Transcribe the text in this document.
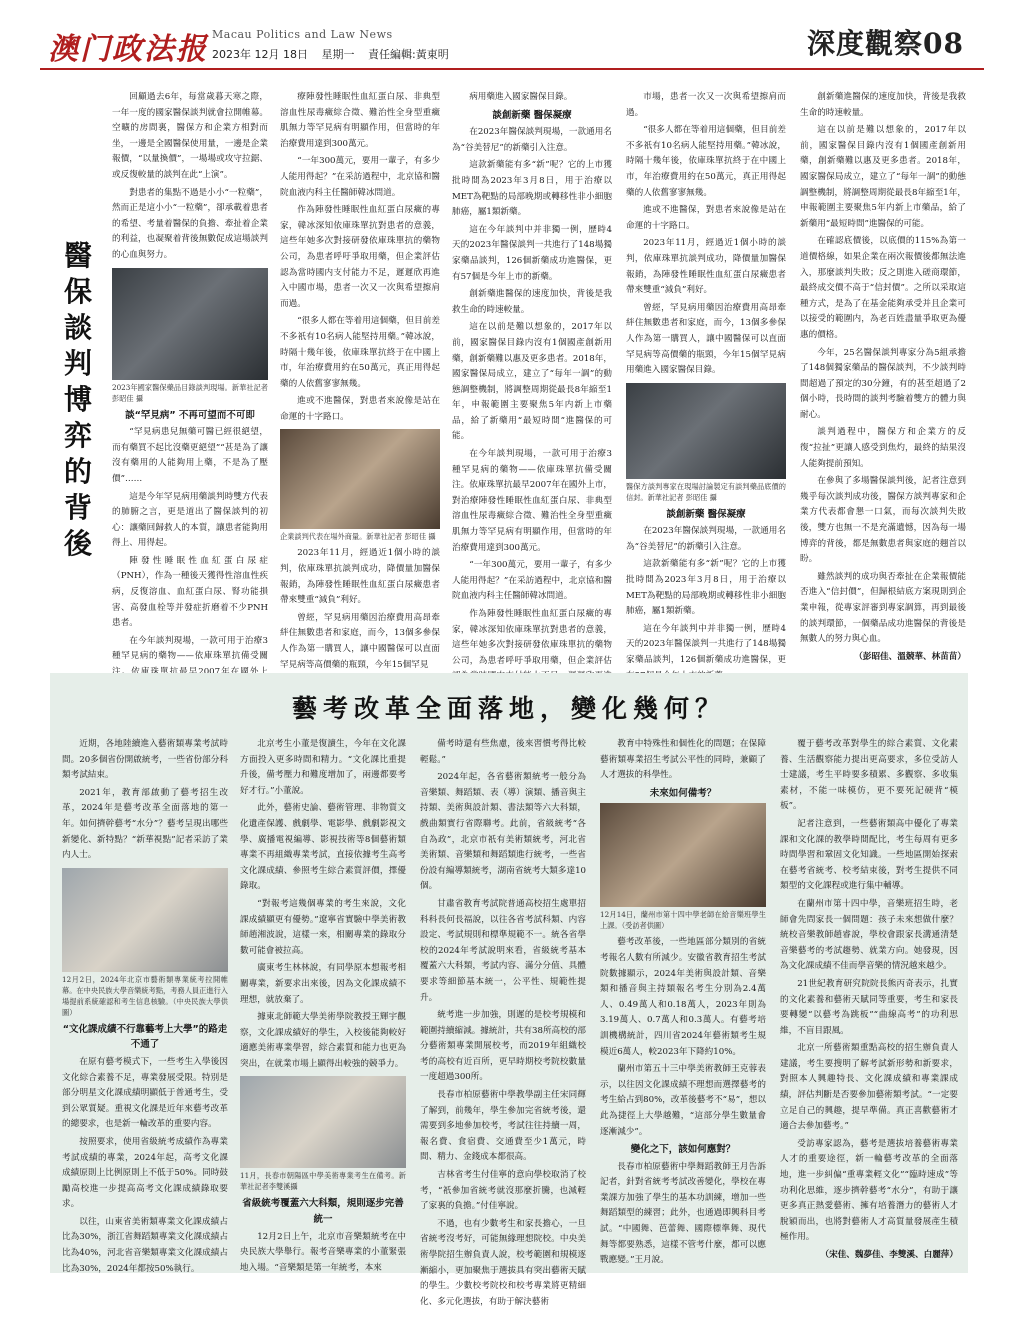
澳门政法报 Macau Politics and Law News
2023年 12月 18日 星期一 責任編輯:黃東明	深度觀察08
醫保談判博弈的背後

回顧過去6年，每當歲暮天寒之際，一年一度的國家醫保談判就會拉開帷幕。空曠的房間裏，醫保方和企業方相對而坐，一邊是全國醫保使用量，一邊是企業報價，“以量換價”，一場場或攻守拉鋸、或反復較量的談判在此“上演”。

對患者的集點不過是小小“一粒藥”，然而正是這小小“一粒藥”，卻承載着患者的希望、考量着醫保的負擔、牽扯着企業的利益，也凝聚着背後無數促成這場談判的心血與努力。

2023年國家醫保藥品目錄談判現場。新華社記者 彭昭佳 攝

談“罕見病” 不再可望而不可即

“罕見病患兒無藥可醫已經很絕望，而有藥買不起比沒藥更絕望”“甚是為了讓沒有藥用的人能夠用上藥，不是為了壓價”……

這是今年罕見病用藥談判時雙方代表的肺腑之言，更是道出了醫保談判的初心：讓藥回歸救人的本質，讓患者能夠用得上、用得起。

陣發性睡眠性血紅蛋白尿症（PNH），作為一種後天獲得性溶血性疾病，反復溶血、血紅蛋白尿、腎功能損害、高發血栓等并發症折磨着不少PNH患者。

在今年談判現場，一款可用于治療3種罕見病的藥物——依庫珠單抗備受關

療陣發性睡眠性血紅蛋白尿、非典型溶血性尿毒癥綜合徵、難治性全身型重癥肌無力等罕見病有明顯作用，但當時的年治療費用達到300萬元。

“一年300萬元，要用一輩子，有多少人能用得起？”在采訪過程中，北京協和醫院血液内科主任醫師韓冰問道。

作為陣發性睡眠性血紅蛋白尿癥的專家，韓冰深知依庫珠單抗對患者的意義，這些年她多次對接研發依庫珠單抗的藥物公司，為患者呼吁爭取用藥，但企業評估認為當時國内支付能力不足，遲遲欣再進入中國市場，患者一次又一次與希望擦肩而過。

“很多人都在等着用這個藥，但目前差不多祇有10名病人能堅持用藥。”韓冰說，時隔十幾年後，依庫珠單抗終于在中國上市，年治療費用約在50萬元，真正用得起藥的人依舊寥寥無幾。

進或不進醫保，對患者來說像是站在命運的十字路口。

企業談判代表在場外商量。新華社記者 彭昭佳 攝

2023年11月，經過近1個小時的談判，依庫珠單抗談判成功，降價量加醫保報銷，為陣發性睡眠性血紅蛋白尿癥患者帶來雙重“減負”利好。

曾經，罕見病用藥因治療費用高昂牽絆住無數患者和家庭，而今，13個多參保人作為第一購買人，讓中國醫保可以直面罕見病等高價藥的瓶頸，今年15個罕見

病用藥進入國家醫保目錄。

談創新藥 醫保凝療

在2023年醫保談判現場，一款通用名為“谷美替尼”的新藥引入注意。

這款新藥能有多“新”呢？它的上市獲批時間為2023年3月8日，用于治療以MET為靶點的局部晚期或轉移性非小細胞肺癌，屬1類新藥。

這在今年談判中并非獨一例，歷時4天的2023年醫保談判一共進行了148場獨家藥品談判，126個新藥成功進醫保，更有57個是今年上市的新藥。

創新藥進醫保的速度加快，背後是我救生命的時速較量。

這在以前是難以想象的，2017年以前，國家醫保目錄内沒有1個國產創新用藥，創新藥難以惠及更多患者。2018年，國家醫保局成立，建立了“每年一調”的動態調整機制，將調整周期從最長8年縮至1年，申報範圍主要聚焦5年内新上市藥品，給了新藥用“最短時間”進醫保的可能。

在今年談判現場，一款可用于治療3種罕見病的藥物——依庫珠單抗備受關注。依庫珠單抗最早2007年在國外上市，對治療陣發性睡眠性血紅蛋白尿、非典型溶血性尿毒癥綜合徵、難治性全身型重癥肌無力等罕見病有明顯作用，但當時的年治療費用達到300萬元。

“一年300萬元，要用一輩子，有多少人能用得起？”在采訪過程中，北京協和醫院血液内科主任醫師韓冰問道。

作為陣發性睡眠性血紅蛋白尿癥的專家，韓冰深知依庫珠單抗對患者的意義，這些年她多次對接研發依庫珠單抗的藥物公司，為患者呼吁爭取用藥，但企業評估

市場，患者一次又一次與希望擦肩而過。

“很多人都在等着用這個藥，但目前差不多祇有10名病人能堅持用藥。”韓冰說，時隔十幾年後，依庫珠單抗終于在中國上市，年治療費用約在50萬元，真正用得起藥的人依舊寥寥無幾。

進或不進醫保，對患者來說像是站在命運的十字路口。

2023年11月，經過近1個小時的談判，依庫珠單抗談判成功，降價量加醫保報銷，為陣發性睡眠性血紅蛋白尿癥患者帶來雙重“減負”利好。

曾經，罕見病用藥因治療費用高昂牽絆住無數患者和家庭，而今，13個多參保人作為第一購買人，讓中國醫保可以直面罕見病等高價藥的瓶頸，今年15個罕見病用藥進入國家醫保目錄。

醫保方談判專家在現場討論製定有談判藥品底價的信封。新華社記者 彭昭佳 攝

談創新藥 醫保凝療

在2023年醫保談判現場，一款通用名為“谷美替尼”的新藥引入注意。

這款新藥能有多“新”呢？它的上市獲批時間為2023年3月8日，用于治療以MET為靶點的局部晚期或轉移性非小細胞肺癌，屬1類新藥。

這在今年談判中并非獨一例，歷時4天的2023年醫保談判一共進行了148場獨家藥品談判，126個新藥成功進醫保，更

創新藥進醫保的速度加快，背後是我救生命的時速較量。

這在以前是難以想象的，2017年以前，國家醫保目錄内沒有1個國產創新用藥，創新藥難以惠及更多患者。2018年，國家醫保局成立，建立了“每年一調”的動態調整機制，將調整周期從最長8年縮至1年，申報範圍主要聚焦5年内新上市藥品，給了新藥用“最短時間”進醫保的可能。

在確認底價後，以底價的115%為第一道價格線，如果企業在兩次報價後都無法進入，那麼談判失敗；反之則進入磋商環節，最終成交價不高于“信封價”。之所以采取這種方式，是為了在基金能夠承受并且企業可以接受的範圍内，為老百姓盡量爭取更為優惠的價格。

今年，25名醫保談判專家分為5組承擔了148個獨家藥品的醫保談判，不少談判時間超過了預定的30分鐘，有的甚至超過了2個小時，長時間的談判考驗着雙方的體力與耐心。

談判過程中，醫保方和企業方的反復“拉扯”更讓人感受到焦灼，最終的結果沒人能夠提前預知。

在參與了多場醫保談判後，記者注意到幾乎每次談判成功後，醫保方談判專家和企業方代表都會懇一口氣，而每次談判失敗後，雙方也無一不是充滿遺憾，因為每一場博弈的背後，都是無數患者與家庭的翹首以盼。

雖然談判的成功與否牽扯在企業報價能否進入“信封價”，但歸根結底方案現則到企業申報，從專家評審到專家調算，再到最後的談判環節，一個藥品成功進醫保的背後是無數人的努力與心血。

（彭昭佳、溫競華、林苗苗）

藝考改革全面落地，變化幾何？

近期，各地陸續進入藝術類專業考試時間。20多個省份開啟統考，一些省份部分科類考試結束。

2021年，教育部啟動了藝考招生改革，2024年是藝考改革全面落地的第一年。如何擠幹藝考“水分”？藝考呈現出哪些新變化、新特點？“新華視點”記者采訪了業内人士。

12月2日，2024年北京市藝術類專業統考拉開帷幕。在中央民族大學音樂統考點，考務人員正進行入場提前系統確認和考生信息核驗。（中央民族大學供圖）

“文化課成績不行靠藝考上大學”的路走不通了

在原有藝考模式下，一些考生入學後因文化綜合素養不足，專業發展受限。特別是部分明星文化課成績明顯低于普通考生，受到公眾質疑。重視文化課是近年來藝考改革的總要求，也是新一輪改革的重要内容。

按照要求，使用省級統考成績作為專業考試成績的專業，2024年起，高考文化課成績原則上比例原則上不低于50%。同時鼓勵高校進一步提高高考文化課成績錄取要求。

以往，山東省美術類專業文化課成績占比為30%，浙江省舞蹈類專業文化課成績占比為40%，河北省音樂類專業文化課成績占比為30%，2024年都按50%執行。

北京考生小董是復讀生，今年在文化課方面投入更多時間和精力。“文化課比重提升後，備考壓力和難度增加了，兩邊都要考好才行。”小董說。

此外，藝術史論、藝術管理、非物質文化遺產保護、戲劇學、電影學、戲劇影視文學、廣播電視編導、影視技術等8個藝術類專業不再組織專業考試，直接依據考生高考文化課成績、參照考生綜合素質評價，擇優錄取。

“對報考這幾個專業的考生來說，文化課成績顯更有優勢。”遼寧省實驗中學美術教師趙湘波說，這樣一來，相關專業的錄取分數可能會被拉高。

廣東考生林林說，有同學原本想報考相關專業，新要求出來後，因為文化課成績不理想，就放棄了。

據東北師範大學美術學院教授王輝宇觀察，文化課成績好的學生，入校後能夠較好適應美術專業學習，綜合素質和能力也更為突出，在就業市場上顯得出較強的競爭力。

11月，長春市朝陽區中學美術專業考生在備考。新華社記者李雙溪攝

省級統考覆蓋六大科類，規則逐步完善統一

12月2日上午，北京市音樂類統考在中央民族大學舉行。報考音樂專業的小董緊張地入場。“音樂類是第一年統考，本來

備考時還有些焦慮，後來習慣考得比較輕鬆。”

2024年起，各省藝術類統考一般分為音樂類、舞蹈類、表（導）演類、播音與主持類、美術與設計類、書法類等六大科類，戲曲類實行省際聯考。此前，省級統考“各自為政”，北京市祇有美術類統考，河北省美術類、音樂類和舞蹈類進行統考，一些省份設有編導類統考，湖南省統考大類多達10個。

甘肅省教育考試院普通高校招生處單招科科長何長福說，以往各省考試科類、内容設定、考試規則和標準規範不一。統各省學校的2024年考試說明來看，省級統考基本覆蓋六大科類，考試内容、滿分分值、具體要求等細節基本統一，公平性、規範性提升。

統考進一步加強，則遲的是校考規模和範圍持續縮減。據統計，共有38所高校的部分藝術類專業開展校考，而2019年組織校考的高校有近百所，更早時期校考院校數量一度超過300所。

長春市柏原藝術中學教學副主任宋同輝了解到，前幾年，學生參加完省統考後，還需要到多地參加校考，考試往往持續一周，報名費、食宿費、交通費至少1萬元，時間、精力、金錢成本都很高。

吉林省考生付佳寧的意向學校取消了校考，“祇參加省統考就沒那麼折騰，也減輕了家裏的負擔。”付佳寧說。

不過，也有少數考生和家長擔心，一旦省統考沒考好，可能無緣理想院校。中央美術學院招生辦負責人說，校考範圍和規模逐漸縮小，更加聚焦于選拔具有突出藝術天賦的學生。少數校考院校和校考專業將更精細化、多元化選拔，有助于解決藝術

教育中特殊性和個性化的問題；在保障藝術類專業招生考試公平性的同時，兼顧了人才選拔的科學性。

未來如何備考？

12月14日，蘭州市第十四中學老師在給音樂班學生上課。（受訪者供圖）

藝考改革後，一些地區部分類別的省統考報名人數有所減少。安徽省教育招生考試院數據顯示，2024年美術與設計類、音樂類和播音與主持類報名考生分別為2.4萬人、0.49萬人和0.18萬人，2023年則為3.19萬人、0.7萬人和0.3萬人。有藝考培訓機構統計，四川省2024年藝術類考生規模近6萬人，較2023年下降約10%。

蘭州市第五十三中學美術教師王克蓉表示，以往因文化課成績不理想而選擇藝考的考生給占到80%，改革後藝考不“易”，想以此為捷徑上大學越難，“這部分學生數量會逐漸減少”。

變化之下，該如何應對？

長春市柏原藝術中學舞蹈教師王月告訴記者，針對省統考考試改善變化，學校在專業課方加強了學生的基本功訓練，增加一些舞蹈類型的練習；此外，也通過即興科目考試。“中國舞、芭蕾舞、國際標準舞、現代舞等都要熟悉，這樣不管考什麼，都可以應戰應變。”王月說。

覆于藝考改革對學生的綜合素質、文化素養、生活觀察能力提出更高要求，多位受訪人士建議，考生平時要多積累、多觀察、多收集素材，不能一味模仿，更不要死記硬背“模板”。

記者注意到，一些藝術類高中優化了專業課和文化課的教學時間配比，考生每周有更多時間學習和鞏固文化知識。一些地區開始探索在藝考省統考、校考結束後，對考生提供不同類型的文化課程或進行集中輔導。

在蘭州市第十四中學，音樂班招生時，老師會先問家長一個問題：孩子未來想做什麼？統校音樂教師趙睿說，學校會跟家長溝通清楚音樂藝考的考試趨勢、就業方向。她發現，因為文化課成績不佳而學音樂的情況越來越少。

21世紀教育研究院院長熊丙奇表示，扎實的文化素養和藝術天賦同等重要，考生和家長要轉變“以藝考為跳板”“曲線高考”的功利思維，不盲目跟風。

北京一所藝術類重點高校的招生辦負責人建議，考生要搜明了解考試新形勢和新要求，對照本人興趣特長、文化課成績和專業課成績，評估判斷是否要參加藝術類考試。“一定要立足自己的興趣，提早準備。真正喜歡藝術才適合去參加藝考。”

受訪專家認為，藝考是選拔培養藝術專業人才的重要途徑，新一輪藝考改革的全面落地，進一步糾偏“重專業輕文化”“臨時速成”等功利化思維，逐步擠幹藝考“水分”，有助于讓更多真正熱愛藝術、擁有培養潛力的藝術人才脫穎而出，也將對藝術人才高質量發展產生積極作用。

（宋佳、魏夢佳、李雙溪、白麗萍）
